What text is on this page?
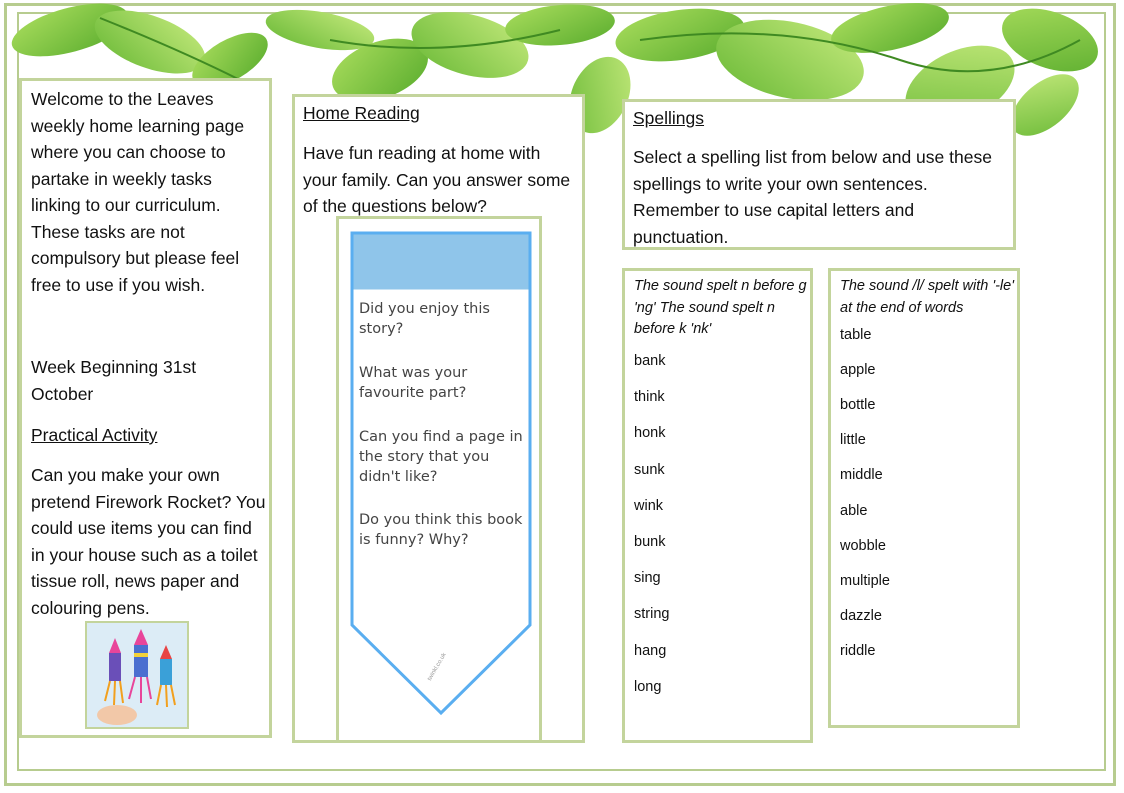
Welcome to the Leaves weekly home learning page where you can choose to partake in weekly tasks linking to our curriculum. These tasks are not compulsory but please feel free to use if you wish.
Week Beginning 31st October
Practical Activity
Can you make your own pretend Firework Rocket? You could use items you can find in your house such as a toilet tissue roll, news paper and colouring pens.
Home Reading
Have fun reading at home with your family. Can you answer some of the questions below?
Did you enjoy this story?
What was your favourite part?
Can you find a page in the story that you didn't like?
Do you think this book is funny? Why?
twinkl.co.uk
Spellings
Select a spelling list from below and use these spellings to write your own sentences. Remember to use capital letters and punctuation.
The sound spelt n before g 'ng' The sound spelt n before k 'nk'
bank
think
honk
sunk
wink
bunk
sing
string
hang
long
The sound /l/ spelt with '-le' at the end of words
table
apple
bottle
little
middle
able
wobble
multiple
dazzle
riddle
